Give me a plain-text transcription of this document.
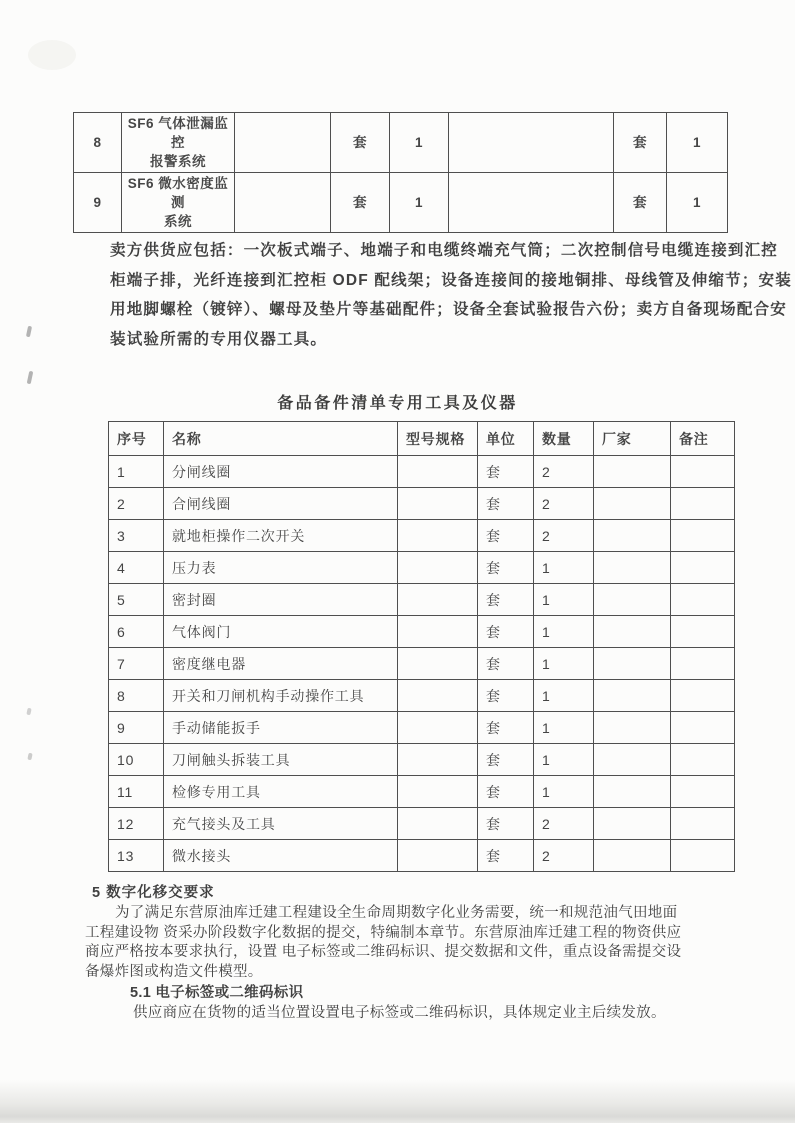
8	SF6 气体泄漏监控
报警系统		套	1		套	1
9	SF6 微水密度监测
系统		套	1		套	1
卖方供货应包括：一次板式端子、地端子和电缆终端充气筒；二次控制信号电缆连接到汇控
柜端子排，光纤连接到汇控柜 ODF 配线架；设备连接间的接地铜排、母线管及伸缩节；安装
用地脚螺栓（镀锌）、螺母及垫片等基础配件；设备全套试验报告六份；卖方自备现场配合安
装试验所需的专用仪器工具。
备品备件清单专用工具及仪器
序号	名称	型号规格	单位	数量	厂家	备注
1	分闸线圈		套	2		
2	合闸线圈		套	2		
3	就地柜操作二次开关		套	2		
4	压力表		套	1		
5	密封圈		套	1		
6	气体阀门		套	1		
7	密度继电器		套	1		
8	开关和刀闸机构手动操作工具		套	1		
9	手动储能扳手		套	1		
10	刀闸触头拆装工具		套	1		
11	检修专用工具		套	1		
12	充气接头及工具		套	2		
13	微水接头		套	2		
5 数字化移交要求
为了满足东营原油库迁建工程建设全生命周期数字化业务需要，统一和规范油气田地面
工程建设物 资采办阶段数字化数据的提交，特编制本章节。东营原油库迁建工程的物资供应
商应严格按本要求执行，设置 电子标签或二维码标识、提交数据和文件，重点设备需提交设
备爆炸图或构造文件模型。
5.1 电子标签或二维码标识
供应商应在货物的适当位置设置电子标签或二维码标识，具体规定业主后续发放。
